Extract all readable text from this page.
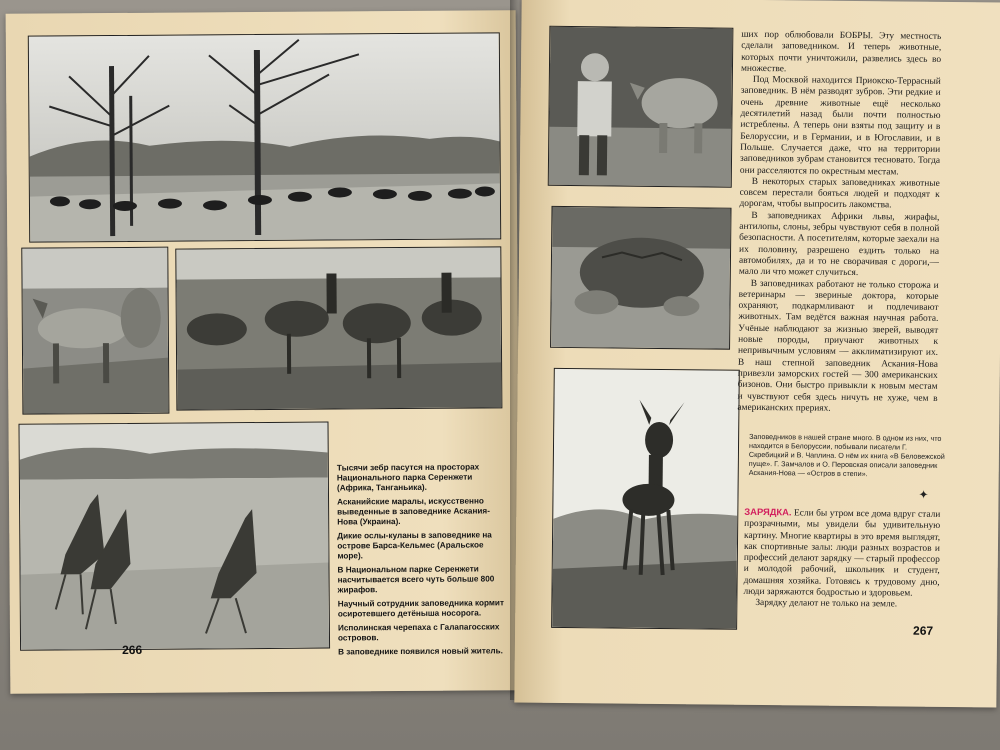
Тысячи зебр пасутся на просторах Национального парка Серенжети (Африка, Танганьика).

Асканийские маралы, искусственно выведенные в заповеднике Аскания-Нова (Украина).

Дикие ослы-куланы в заповеднике на острове Барса-Кельмес (Аральское море).

В Национальном парке Серенжети насчитывается всего чуть больше 800 жирафов.

Научный сотрудник заповедника кормит осиротевшего детёныша носорога.

Исполинская черепаха с Галапагосских островов.

В заповеднике появился новый житель.

266

ших пор облюбовали БОБРЫ. Эту местность сделали заповедником. И теперь животные, которых почти уничтожили, развелись здесь во множестве.

Под Москвой находится Приокско-Террасный заповедник. В нём разводят зубров. Эти редкие и очень древние животные ещё несколько десятилетий назад были почти полностью истреблены. А теперь они взяты под защиту и в Белоруссии, и в Германии, и в Югославии, и в Польше. Случается даже, что на территории заповедников зубрам становится тесновато. Тогда они расселяются по окрестным местам.

В некоторых старых заповедниках животные совсем перестали бояться людей и подходят к дорогам, чтобы выпросить лакомства.

В заповедниках Африки львы, жирафы, антилопы, слоны, зебры чувствуют себя в полной безопасности. А посетителям, которые заехали на их половину, разрешено ездить только на автомобилях, да и то не сворачивая с дороги,— мало ли что может случиться.

В заповедниках работают не только сторожа и ветеринары — звериные доктора, которые охраняют, подкармливают и подлечивают животных. Там ведётся важная научная работа. Учёные наблюдают за жизнью зверей, выводят новые породы, приучают животных к непривычным условиям — акклиматизируют их. В наш степной заповедник Аскания-Нова привезли заморских гостей — 300 американских бизонов. Они быстро привыкли к новым местам и чувствуют себя здесь ничуть не хуже, чем в американских прериях.

Заповедников в нашей стране много. В одном из них, что находится в Белоруссии, побывали писатели Г. Скребицкий и В. Чаплина. О нём их книга «В Беловежской пуще». Г. Замчалов и О. Перовская описали заповедник Аскания-Нова — «Остров в степи».
✦

ЗАРЯДКА. Если бы утром все дома вдруг стали прозрачными, мы увидели бы удивительную картину. Многие квартиры в это время выглядят, как спортивные залы: люди разных возрастов и профессий делают зарядку — старый профессор и молодой рабочий, школьник и студент, домашняя хозяйка. Готовясь к трудовому дню, люди заряжаются бодростью и здоровьем.

Зарядку делают не только на земле.

267
